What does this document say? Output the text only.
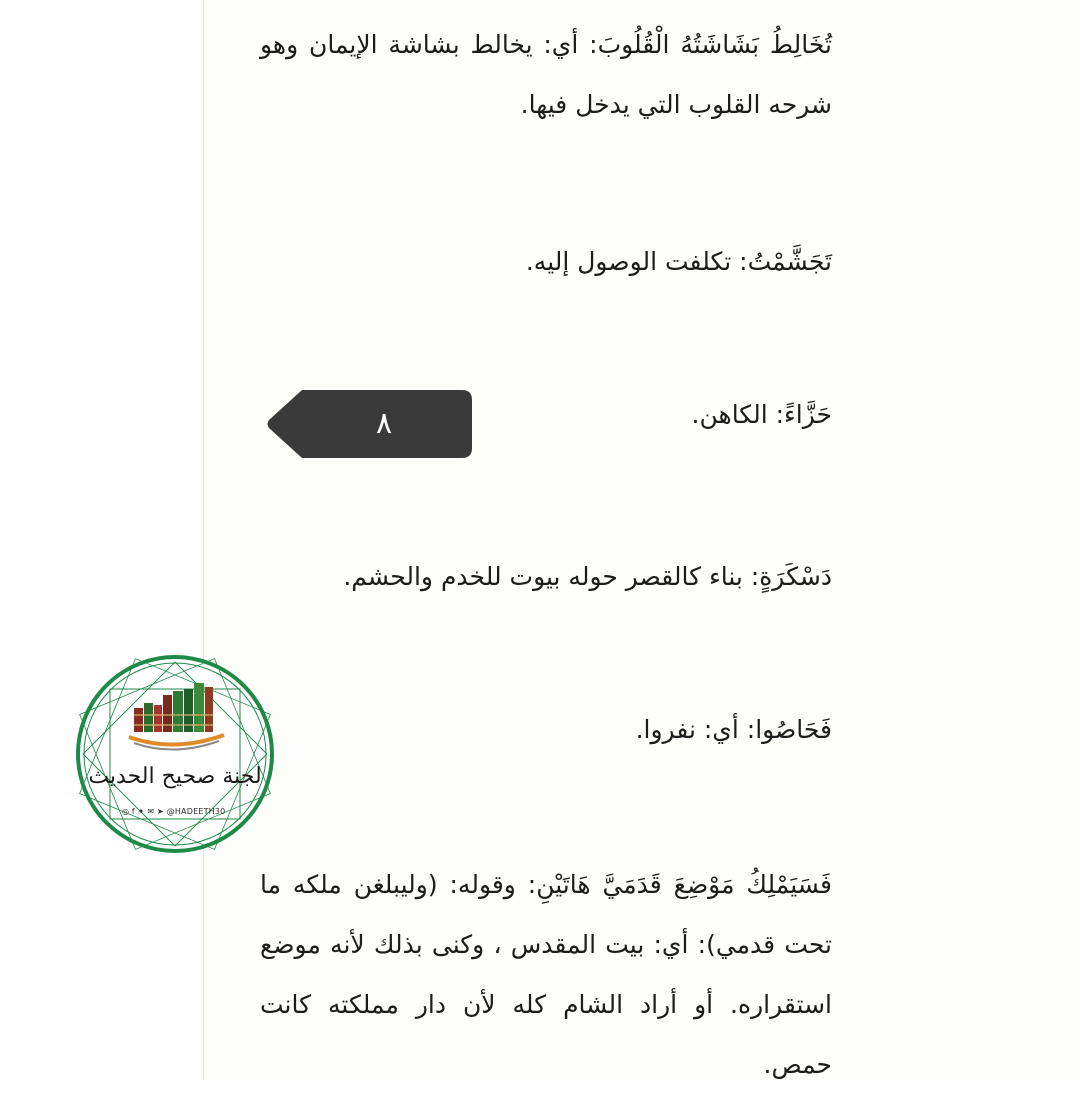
تُخَالِطُ بَشَاشَتُهُ الْقُلُوبَ: أي: يخالط بشاشة الإيمان وهو شرحه القلوب التي يدخل فيها.

تَجَشَّمْتُ: تكلفت الوصول إليه.

حَزَّاءً: الكاهن.

دَسْكَرَةٍ: بناء كالقصر حوله بيوت للخدم والحشم.

فَحَاصُوا: أي: نفروا.

فَسَيَمْلِكُ مَوْضِعَ قَدَمَيَّ هَاتَيْنِ: وقوله: (وليبلغن ملكه ما تحت قدمي): أي: بيت المقدس ، وكنى بذلك لأنه موضع استقراره. أو أراد الشام كله لأن دار مملكته كانت حمص.

٨
لجنة صحيح الحديث
◎ f ✦ ✉ ➤ @HADEETH30
